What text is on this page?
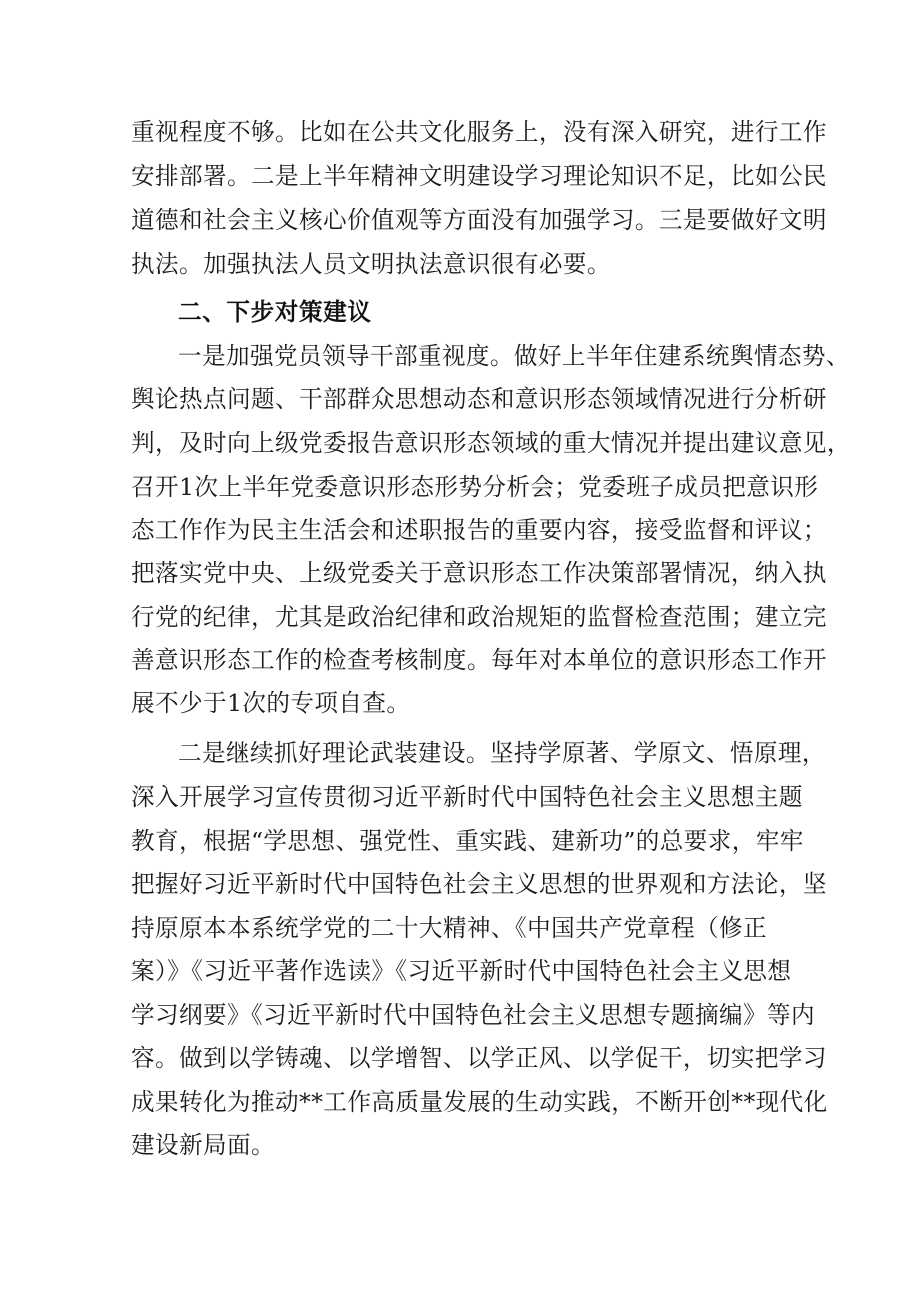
重视程度不够。比如在公共文化服务上，没有深入研究，进行工作

安排部署。二是上半年精神文明建设学习理论知识不足，比如公民

道德和社会主义核心价值观等方面没有加强学习。三是要做好文明

执法。加强执法人员文明执法意识很有必要。

二、下步对策建议

一是加强党员领导干部重视度。做好上半年住建系统舆情态势、

舆论热点问题、干部群众思想动态和意识形态领域情况进行分析研

判，及时向上级党委报告意识形态领域的重大情况并提出建议意见，

召开1次上半年党委意识形态形势分析会；党委班子成员把意识形

态工作作为民主生活会和述职报告的重要内容，接受监督和评议；

把落实党中央、上级党委关于意识形态工作决策部署情况，纳入执

行党的纪律，尤其是政治纪律和政治规矩的监督检查范围；建立完

善意识形态工作的检查考核制度。每年对本单位的意识形态工作开

展不少于1次的专项自查。

二是继续抓好理论武装建设。坚持学原著、学原文、悟原理，

深入开展学习宣传贯彻习近平新时代中国特色社会主义思想主题

教育，根据“学思想、强党性、重实践、建新功”的总要求，牢牢

把握好习近平新时代中国特色社会主义思想的世界观和方法论，坚

持原原本本系统学党的二十大精神、《中国共产党章程（修正

案）》《习近平著作选读》《习近平新时代中国特色社会主义思想

学习纲要》《习近平新时代中国特色社会主义思想专题摘编》等内

容。做到以学铸魂、以学增智、以学正风、以学促干，切实把学习

成果转化为推动**工作高质量发展的生动实践，不断开创**现代化

建设新局面。
